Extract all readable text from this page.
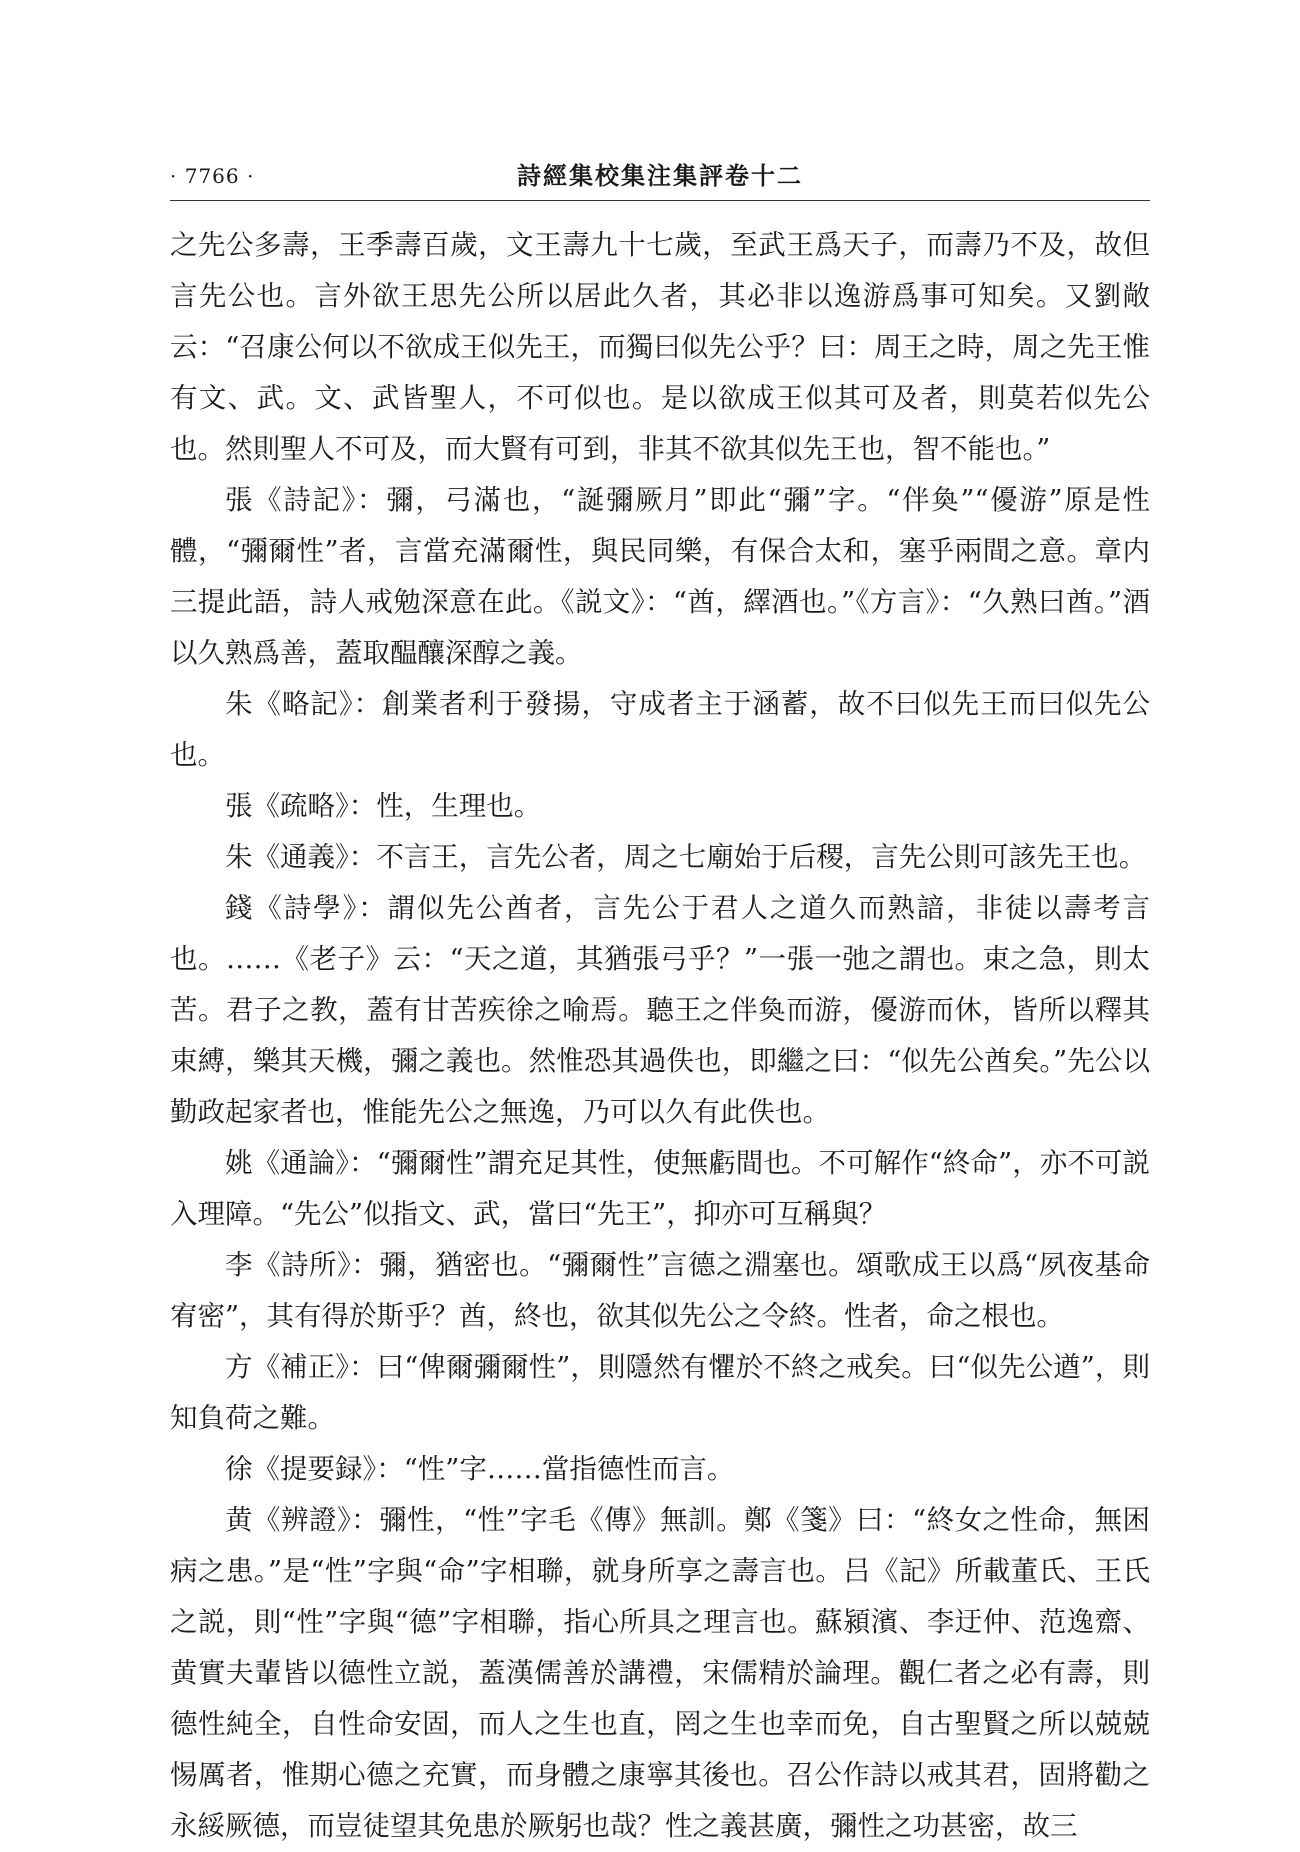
· 7766 ·	詩經集校集注集評卷十二

之先公多壽，王季壽百歲，文王壽九十七歲，至武王爲天子，而壽乃不及，故但言先公也。言外欲王思先公所以居此久者，其必非以逸游爲事可知矣。又劉敞云：“召康公何以不欲成王似先王，而獨曰似先公乎？曰：周王之時，周之先王惟有文、武。文、武皆聖人，不可似也。是以欲成王似其可及者，則莫若似先公也。然則聖人不可及，而大賢有可到，非其不欲其似先王也，智不能也。”

張《詩記》：彌，弓滿也，“誕彌厥月”即此“彌”字。“伴奐”“優游”原是性體，“彌爾性”者，言當充滿爾性，與民同樂，有保合太和，塞乎兩間之意。章内三提此語，詩人戒勉深意在此。《説文》：“酋，繹酒也。”《方言》：“久熟曰酋。”酒以久熟爲善，蓋取醖釀深醇之義。

朱《略記》：創業者利于發揚，守成者主于涵蓄，故不曰似先王而曰似先公也。

張《疏略》：性，生理也。

朱《通義》：不言王，言先公者，周之七廟始于后稷，言先公則可該先王也。

錢《詩學》：謂似先公酋者，言先公于君人之道久而熟諳，非徒以壽考言也。……《老子》云：“天之道，其猶張弓乎？”一張一弛之謂也。束之急，則太苦。君子之教，蓋有甘苦疾徐之喻焉。聽王之伴奐而游，優游而休，皆所以釋其束縛，樂其天機，彌之義也。然惟恐其過佚也，即繼之曰：“似先公酋矣。”先公以勤政起家者也，惟能先公之無逸，乃可以久有此佚也。

姚《通論》：“彌爾性”謂充足其性，使無虧間也。不可解作“終命”，亦不可説入理障。“先公”似指文、武，當曰“先王”，抑亦可互稱與？

李《詩所》：彌，猶密也。“彌爾性”言德之淵塞也。頌歌成王以爲“夙夜基命宥密”，其有得於斯乎？酋，終也，欲其似先公之令終。性者，命之根也。

方《補正》：曰“俾爾彌爾性”，則隱然有懼於不終之戒矣。曰“似先公遒”，則知負荷之難。

徐《提要録》：“性”字……當指德性而言。

黄《辨證》：彌性，“性”字毛《傳》無訓。鄭《箋》曰：“終女之性命，無困病之患。”是“性”字與“命”字相聯，就身所享之壽言也。吕《記》所載董氏、王氏之説，則“性”字與“德”字相聯，指心所具之理言也。蘇潁濱、李迂仲、范逸齋、黄實夫輩皆以德性立説，蓋漢儒善於講禮，宋儒精於論理。觀仁者之必有壽，則德性純全，自性命安固，而人之生也直，罔之生也幸而免，自古聖賢之所以兢兢惕厲者，惟期心德之充實，而身體之康寧其後也。召公作詩以戒其君，固將勸之永綏厥德，而豈徒望其免患於厥躬也哉？性之義甚廣，彌性之功甚密，故三
